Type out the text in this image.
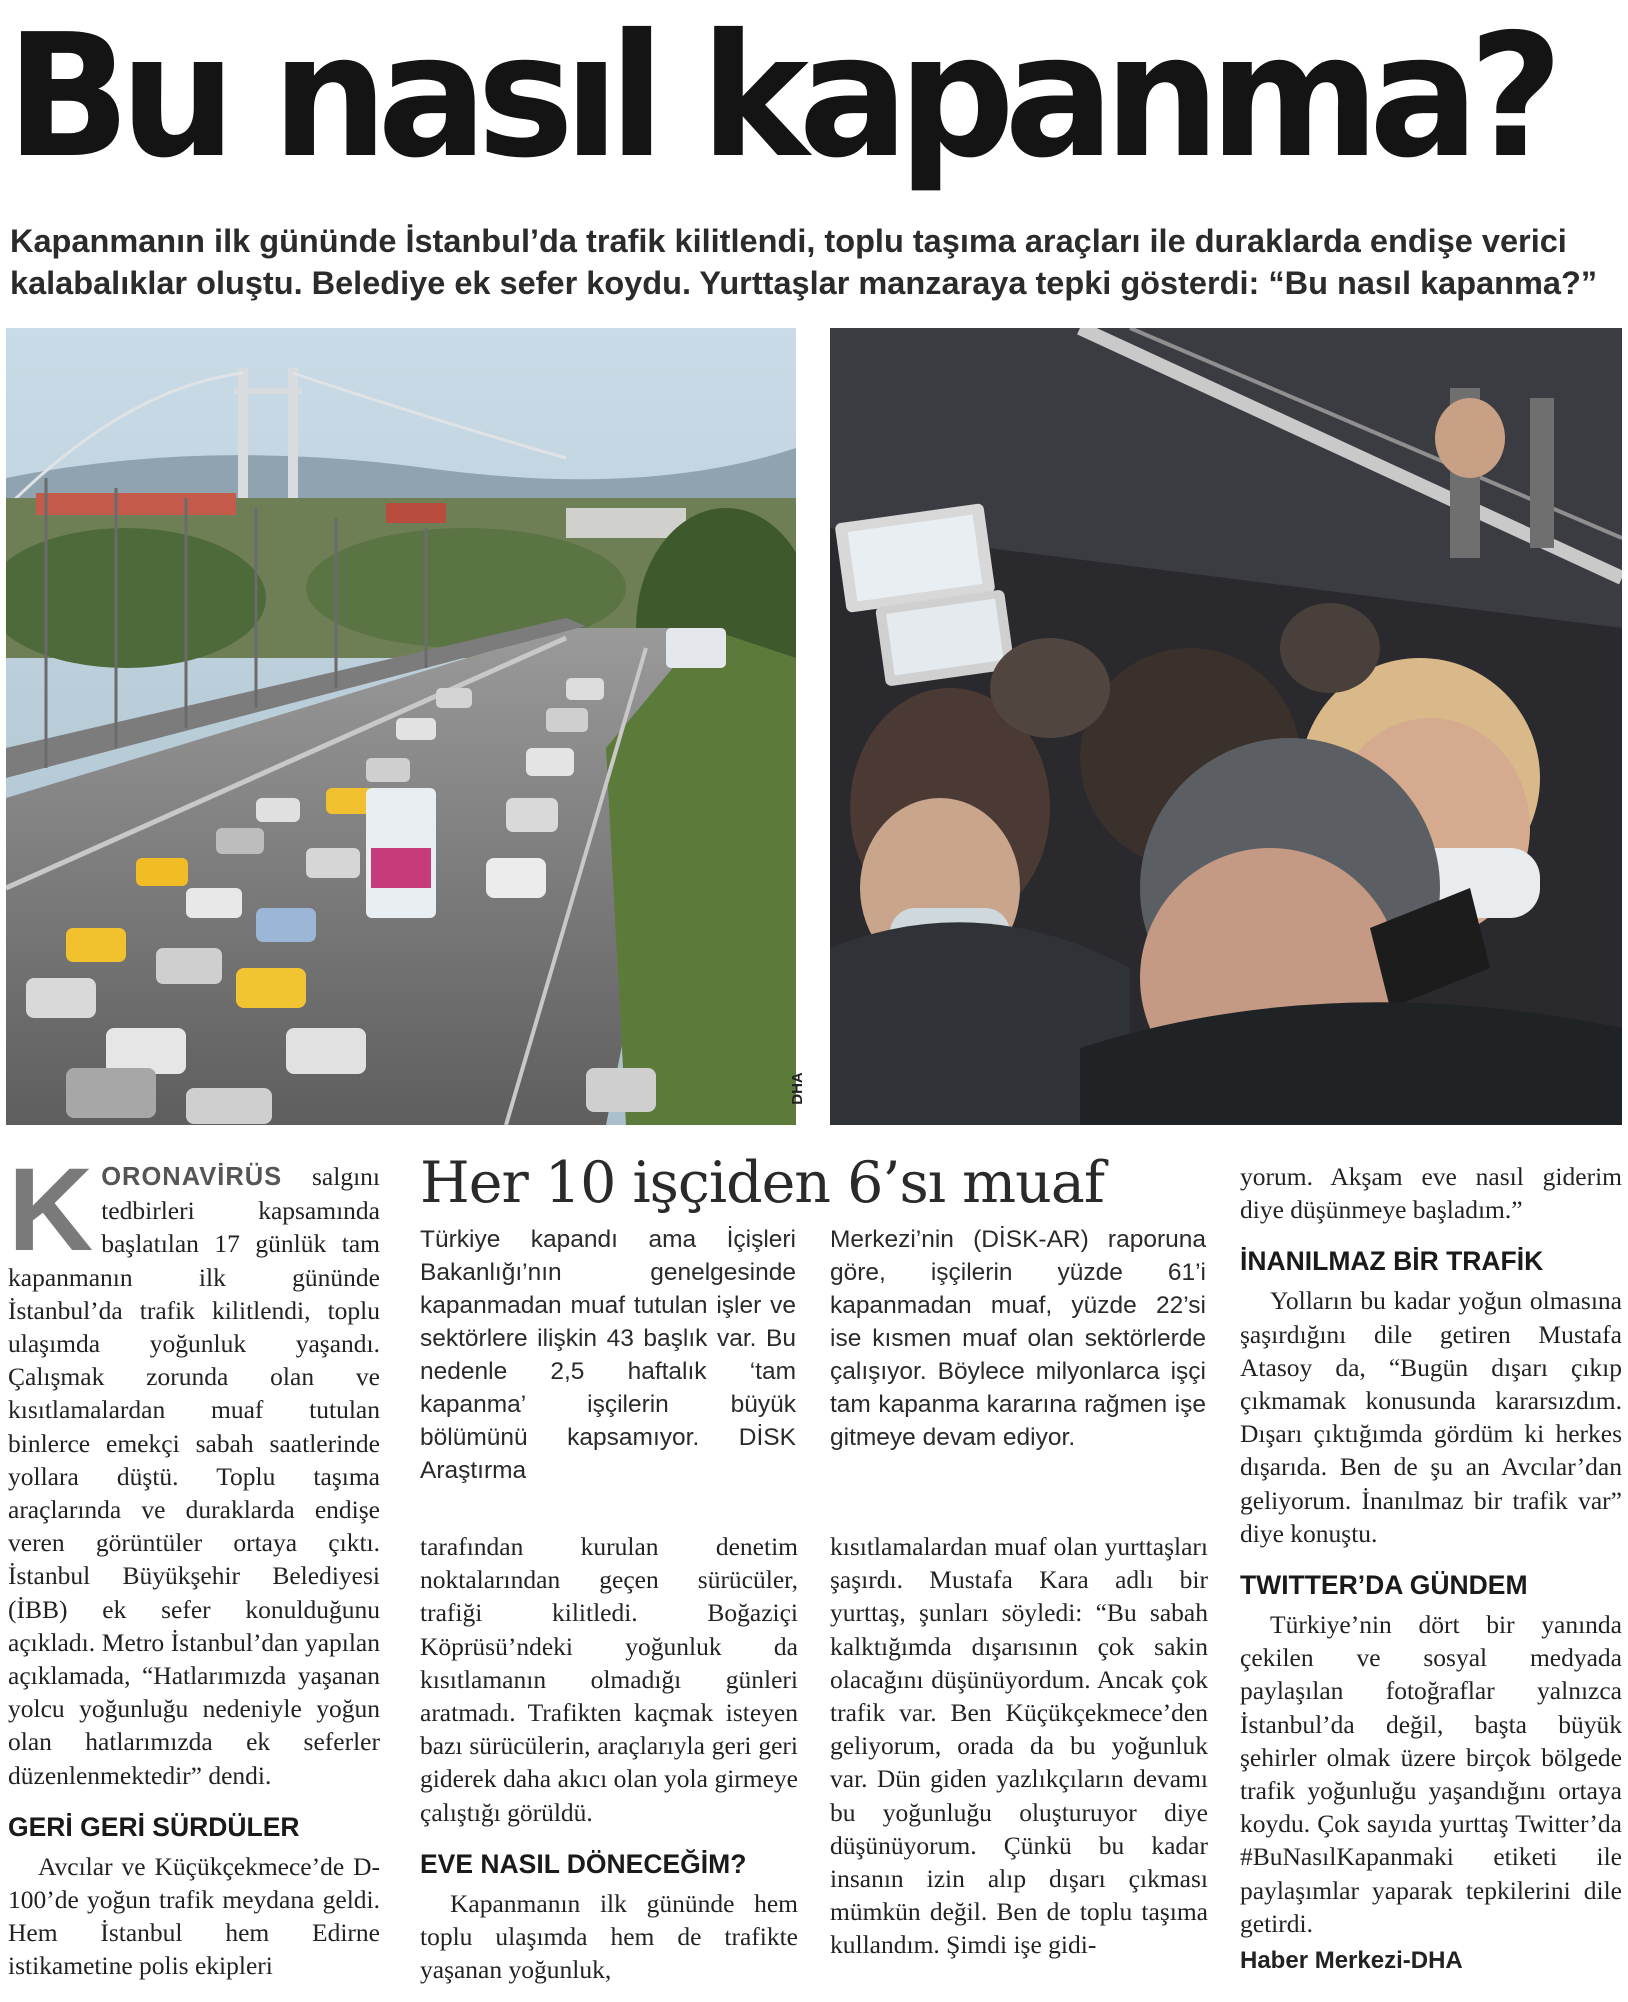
Bu nasıl kapanma?
Kapanmanın ilk gününde İstanbul’da trafik kilitlendi, toplu taşıma araçları ile duraklarda endişe verici kalabalıklar oluştu. Belediye ek sefer koydu. Yurttaşlar manzaraya tepki gösterdi: “Bu nasıl kapanma?”
DHA

K ORONAVİRÜS salgını tedbirleri kapsamında başlatılan 17 günlük tam kapanmanın ilk gününde İstanbul’da trafik kilitlendi, toplu ulaşımda yoğunluk yaşandı. Çalışmak zorunda olan ve kısıtlamalardan muaf tutulan binlerce emekçi sabah saatlerinde yollara düştü. Toplu taşıma araçlarında ve duraklarda endişe veren görüntüler ortaya çıktı. İstanbul Büyükşehir Belediyesi (İBB) ek sefer konulduğunu açıkladı. Metro İstanbul’dan yapılan açıklamada, “Hatlarımızda yaşanan yolcu yoğunluğu nedeniyle yoğun olan hatlarımızda ek seferler düzenlenmektedir” dendi.

GERİ GERİ SÜRDÜLER

Avcılar ve Küçükçekmece’de D-100’de yoğun trafik meydana geldi. Hem İstanbul hem Edirne istikametine polis ekipleri

Her 10 işçiden 6’sı muaf

Türkiye kapandı ama İçişleri Bakanlığı’nın genelgesinde kapanmadan muaf tutulan işler ve sektörlere ilişkin 43 başlık var. Bu nedenle 2,5 haftalık ‘tam kapanma’ işçilerin büyük bölümünü kapsamıyor. DİSK Araştırma

Merkezi’nin (DİSK-AR) raporuna göre, işçilerin yüzde 61’i kapanmadan muaf, yüzde 22’si ise kısmen muaf olan sektörlerde çalışıyor. Böylece milyonlarca işçi tam kapanma kararına rağmen işe gitmeye devam ediyor.

tarafından kurulan denetim noktalarından geçen sürücüler, trafiği kilitledi. Boğaziçi Köprüsü’ndeki yoğunluk da kısıtlamanın olmadığı günleri aratmadı. Trafikten kaçmak isteyen bazı sürücülerin, araçlarıyla geri geri giderek daha akıcı olan yola girmeye çalıştığı görüldü.

EVE NASIL DÖNECEĞİM?

Kapanmanın ilk gününde hem toplu ulaşımda hem de trafikte yaşanan yoğunluk,

kısıtlamalardan muaf olan yurttaşları şaşırdı. Mustafa Kara adlı bir yurttaş, şunları söyledi: “Bu sabah kalktığımda dışarısının çok sakin olacağını düşünüyordum. Ancak çok trafik var. Ben Küçükçekmece’den geliyorum, orada da bu yoğunluk var. Dün giden yazlıkçıların devamı bu yoğunluğu oluşturuyor diye düşünüyorum. Çünkü bu kadar insanın izin alıp dışarı çıkması mümkün değil. Ben de toplu taşıma kullandım. Şimdi işe gidi-

yorum. Akşam eve nasıl giderim diye düşünmeye başladım.”

İNANILMAZ BİR TRAFİK

Yolların bu kadar yoğun olmasına şaşırdığını dile getiren Mustafa Atasoy da, “Bugün dışarı çıkıp çıkmamak konusunda kararsızdım. Dışarı çıktığımda gördüm ki herkes dışarıda. Ben de şu an Avcılar’dan geliyorum. İnanılmaz bir trafik var” diye konuştu.

TWITTER’DA GÜNDEM

Türkiye’nin dört bir yanında çekilen ve sosyal medyada paylaşılan fotoğraflar yalnızca İstanbul’da değil, başta büyük şehirler olmak üzere birçok bölgede trafik yoğunluğu yaşandığını ortaya koydu. Çok sayıda yurttaş Twitter’da #BuNasılKapanmaki etiketi ile paylaşımlar yaparak tepkilerini dile getirdi.

Haber Merkezi-DHA
